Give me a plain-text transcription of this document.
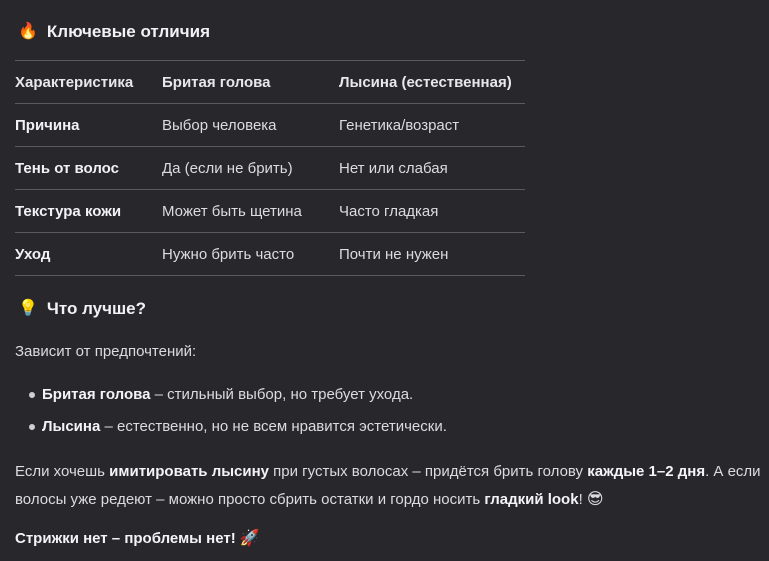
🔥 Ключевые отличия
Характеристика	Бритая голова	Лысина (естественная)
Причина	Выбор человека	Генетика/возраст
Тень от волос	Да (если не брить)	Нет или слабая
Текстура кожи	Может быть щетина	Часто гладкая
Уход	Нужно брить часто	Почти не нужен
💡 Что лучше?

Зависит от предпочтений:

Бритая голова – стильный выбор, но требует ухода.
Лысина – естественно, но не всем нравится эстетически.

Если хочешь имитировать лысину при густых волосах – придётся брить голову каждые 1–2 дня. А если волосы уже редеют – можно просто сбрить остатки и гордо носить гладкий look! 😎

Стрижки нет – проблемы нет! 🚀
